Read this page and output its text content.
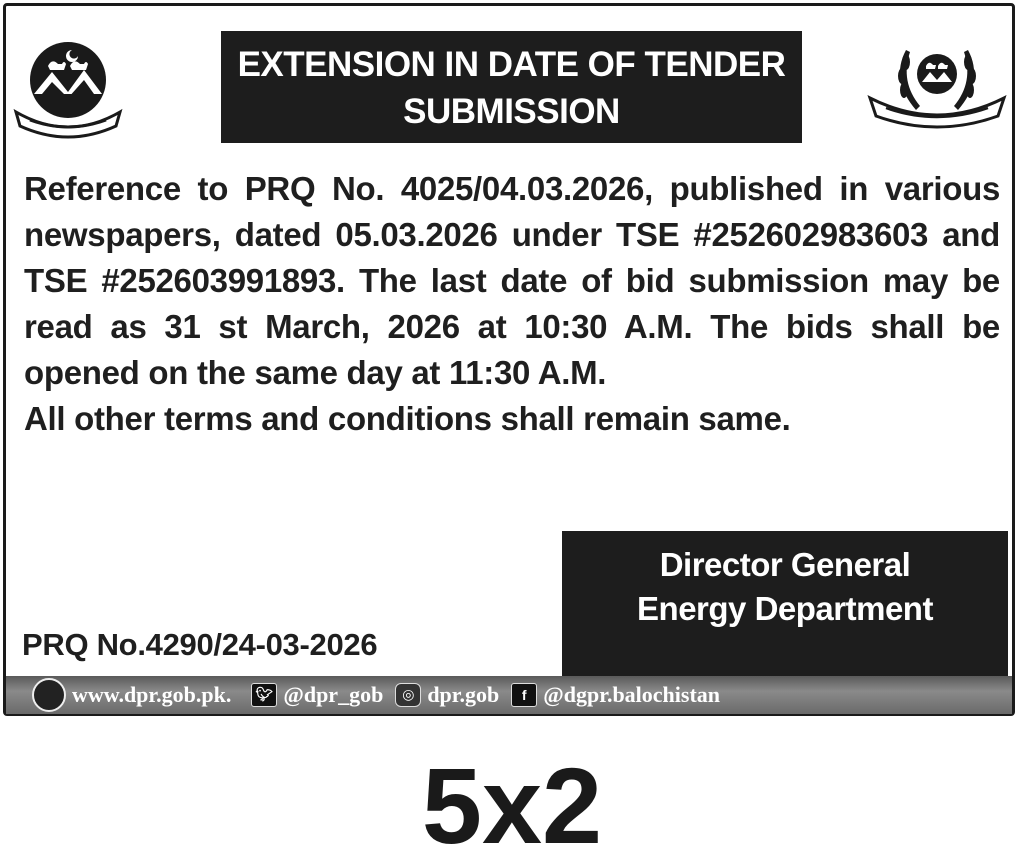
EXTENSION IN DATE OF TENDER
SUBMISSION

Reference to PRQ No. 4025/04.03.2026, published in various newspapers, dated 05.03.2026 under TSE #252602983603 and TSE #252603991893. The last date of bid submission may be read as 31 st March, 2026 at 10:30 A.M. The bids shall be opened on the same day at 11:30 A.M.

All other terms and conditions shall remain same.

Director General
Energy Department
PRQ No.4290/24-03-2026
www.dpr.gob.pk. 🐦︎ @dpr_gob	◎ dpr.gob	f @dgpr.balochistan
5x2
